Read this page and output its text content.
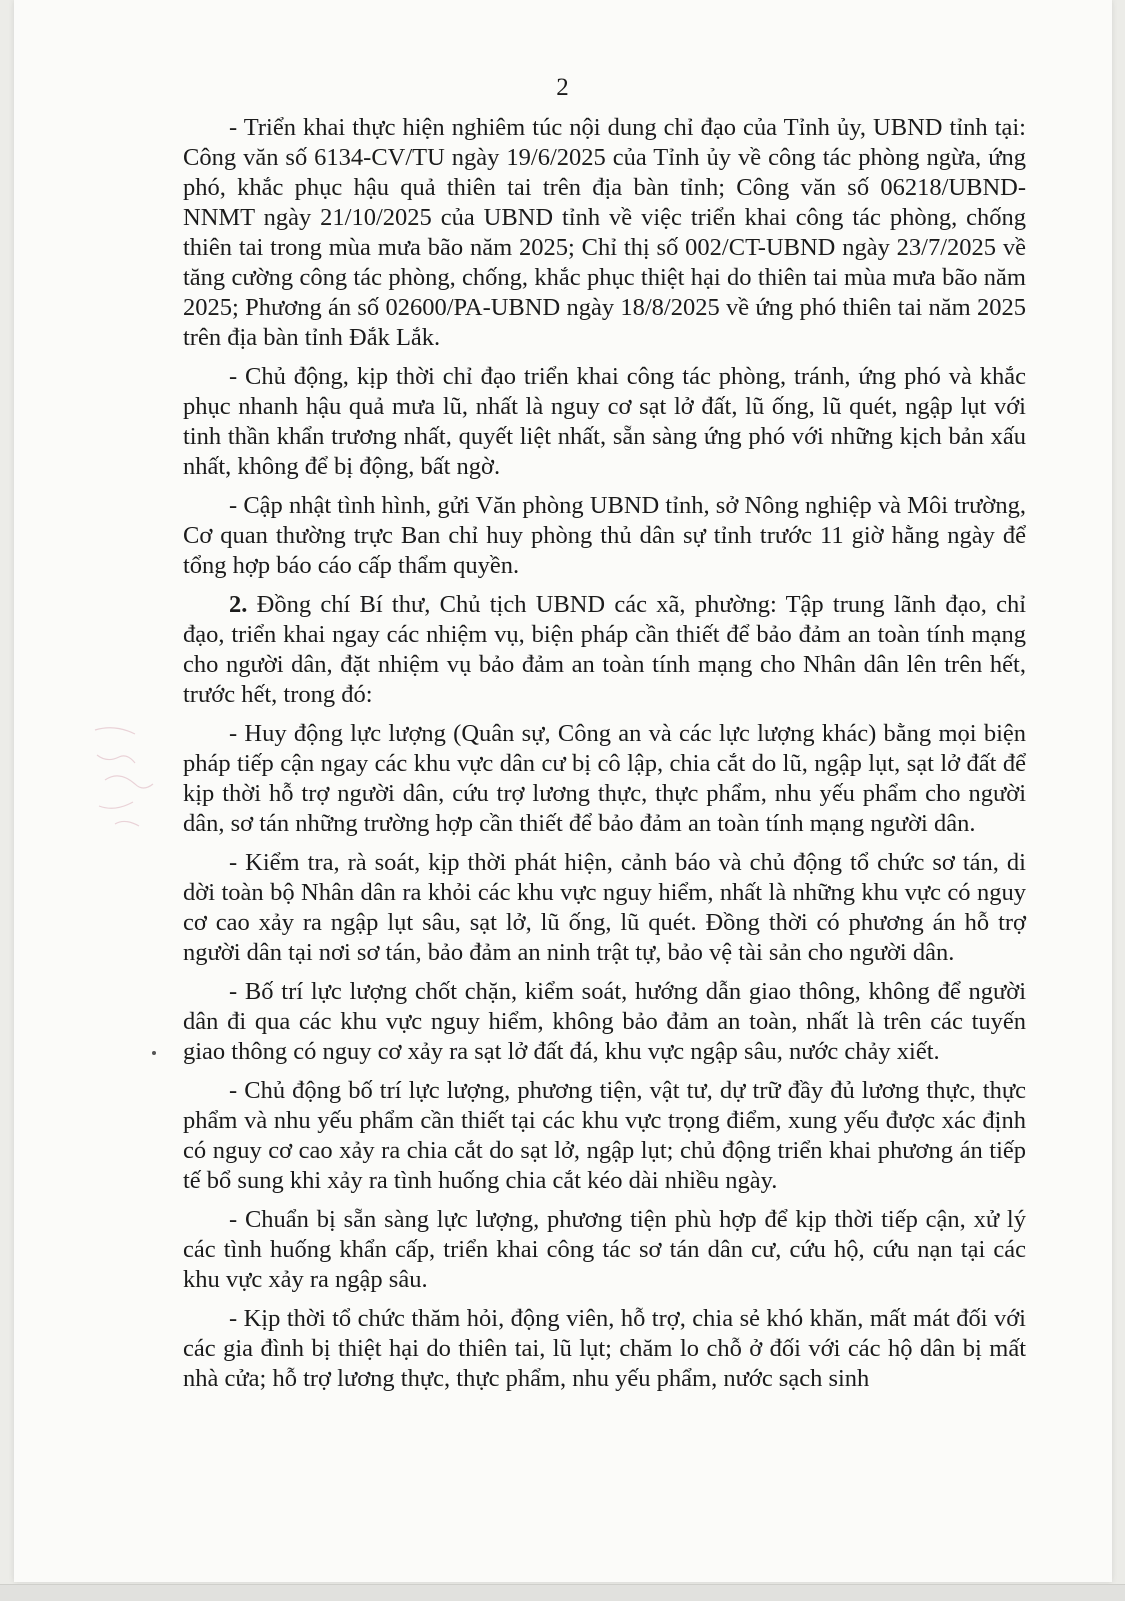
2

- Triển khai thực hiện nghiêm túc nội dung chỉ đạo của Tỉnh ủy, UBND tỉnh tại: Công văn số 6134-CV/TU ngày 19/6/2025 của Tỉnh ủy về công tác phòng ngừa, ứng phó, khắc phục hậu quả thiên tai trên địa bàn tỉnh; Công văn số 06218/UBND-NNMT ngày 21/10/2025 của UBND tỉnh về việc triển khai công tác phòng, chống thiên tai trong mùa mưa bão năm 2025; Chỉ thị số 002/CT-UBND ngày 23/7/2025 về tăng cường công tác phòng, chống, khắc phục thiệt hại do thiên tai mùa mưa bão năm 2025; Phương án số 02600/PA-UBND ngày 18/8/2025 về ứng phó thiên tai năm 2025 trên địa bàn tỉnh Đắk Lắk.

- Chủ động, kịp thời chỉ đạo triển khai công tác phòng, tránh, ứng phó và khắc phục nhanh hậu quả mưa lũ, nhất là nguy cơ sạt lở đất, lũ ống, lũ quét, ngập lụt với tinh thần khẩn trương nhất, quyết liệt nhất, sẵn sàng ứng phó với những kịch bản xấu nhất, không để bị động, bất ngờ.

- Cập nhật tình hình, gửi Văn phòng UBND tỉnh, sở Nông nghiệp và Môi trường, Cơ quan thường trực Ban chỉ huy phòng thủ dân sự tỉnh trước 11 giờ hằng ngày để tổng hợp báo cáo cấp thẩm quyền.

2. Đồng chí Bí thư, Chủ tịch UBND các xã, phường: Tập trung lãnh đạo, chỉ đạo, triển khai ngay các nhiệm vụ, biện pháp cần thiết để bảo đảm an toàn tính mạng cho người dân, đặt nhiệm vụ bảo đảm an toàn tính mạng cho Nhân dân lên trên hết, trước hết, trong đó:

- Huy động lực lượng (Quân sự, Công an và các lực lượng khác) bằng mọi biện pháp tiếp cận ngay các khu vực dân cư bị cô lập, chia cắt do lũ, ngập lụt, sạt lở đất để kịp thời hỗ trợ người dân, cứu trợ lương thực, thực phẩm, nhu yếu phẩm cho người dân, sơ tán những trường hợp cần thiết để bảo đảm an toàn tính mạng người dân.

- Kiểm tra, rà soát, kịp thời phát hiện, cảnh báo và chủ động tổ chức sơ tán, di dời toàn bộ Nhân dân ra khỏi các khu vực nguy hiểm, nhất là những khu vực có nguy cơ cao xảy ra ngập lụt sâu, sạt lở, lũ ống, lũ quét. Đồng thời có phương án hỗ trợ người dân tại nơi sơ tán, bảo đảm an ninh trật tự, bảo vệ tài sản cho người dân.

- Bố trí lực lượng chốt chặn, kiểm soát, hướng dẫn giao thông, không để người dân đi qua các khu vực nguy hiểm, không bảo đảm an toàn, nhất là trên các tuyến giao thông có nguy cơ xảy ra sạt lở đất đá, khu vực ngập sâu, nước chảy xiết.

- Chủ động bố trí lực lượng, phương tiện, vật tư, dự trữ đầy đủ lương thực, thực phẩm và nhu yếu phẩm cần thiết tại các khu vực trọng điểm, xung yếu được xác định có nguy cơ cao xảy ra chia cắt do sạt lở, ngập lụt; chủ động triển khai phương án tiếp tế bổ sung khi xảy ra tình huống chia cắt kéo dài nhiều ngày.

- Chuẩn bị sẵn sàng lực lượng, phương tiện phù hợp để kịp thời tiếp cận, xử lý các tình huống khẩn cấp, triển khai công tác sơ tán dân cư, cứu hộ, cứu nạn tại các khu vực xảy ra ngập sâu.

- Kịp thời tổ chức thăm hỏi, động viên, hỗ trợ, chia sẻ khó khăn, mất mát đối với các gia đình bị thiệt hại do thiên tai, lũ lụt; chăm lo chỗ ở đối với các hộ dân bị mất nhà cửa; hỗ trợ lương thực, thực phẩm, nhu yếu phẩm, nước sạch sinh
